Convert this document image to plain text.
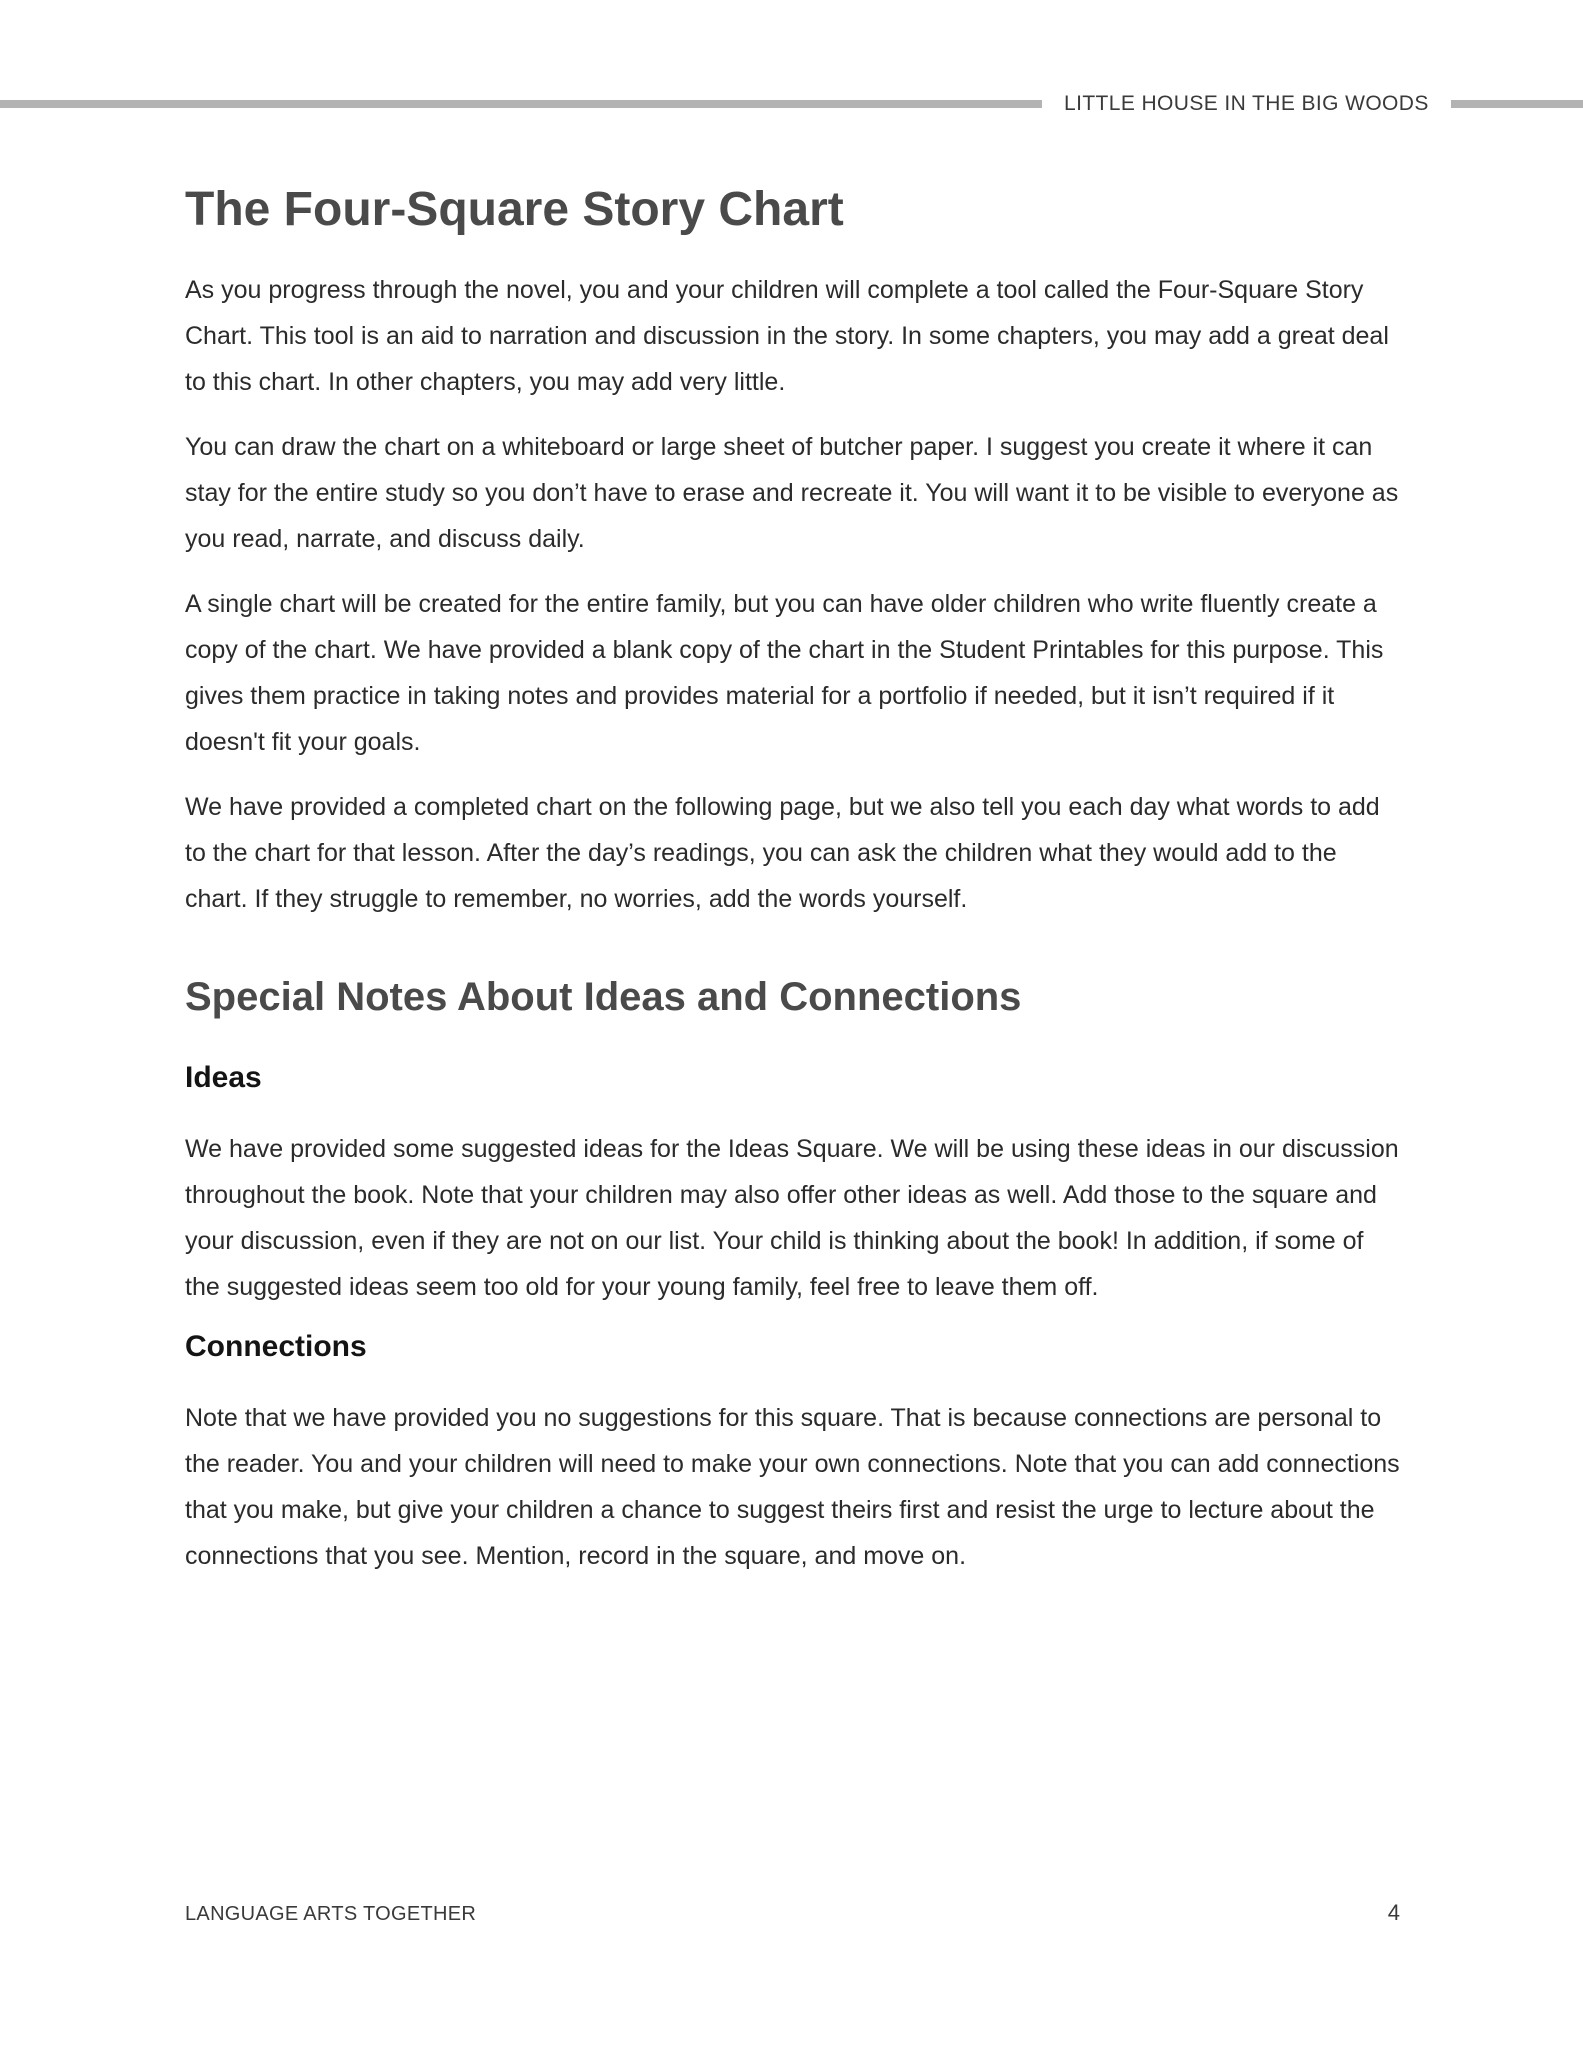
LITTLE HOUSE IN THE BIG WOODS
The Four-Square Story Chart

As you progress through the novel, you and your children will complete a tool called the Four-Square Story Chart. This tool is an aid to narration and discussion in the story. In some chapters, you may add a great deal to this chart. In other chapters, you may add very little.

You can draw the chart on a whiteboard or large sheet of butcher paper. I suggest you create it where it can stay for the entire study so you don’t have to erase and recreate it. You will want it to be visible to everyone as you read, narrate, and discuss daily.

A single chart will be created for the entire family, but you can have older children who write fluently create a copy of the chart. We have provided a blank copy of the chart in the Student Printables for this purpose. This gives them practice in taking notes and provides material for a portfolio if needed, but it isn’t required if it doesn't fit your goals.

We have provided a completed chart on the following page, but we also tell you each day what words to add to the chart for that lesson. After the day’s readings, you can ask the children what they would add to the chart. If they struggle to remember, no worries, add the words yourself.

Special Notes About Ideas and Connections
Ideas

We have provided some suggested ideas for the Ideas Square. We will be using these ideas in our discussion throughout the book. Note that your children may also offer other ideas as well. Add those to the square and your discussion, even if they are not on our list. Your child is thinking about the book! In addition, if some of the suggested ideas seem too old for your young family, feel free to leave them off.

Connections

Note that we have provided you no suggestions for this square. That is because connections are personal to the reader. You and your children will need to make your own connections. Note that you can add connections that you make, but give your children a chance to suggest theirs first and resist the urge to lecture about the connections that you see. Mention, record in the square, and move on.

LANGUAGE ARTS TOGETHER	4
